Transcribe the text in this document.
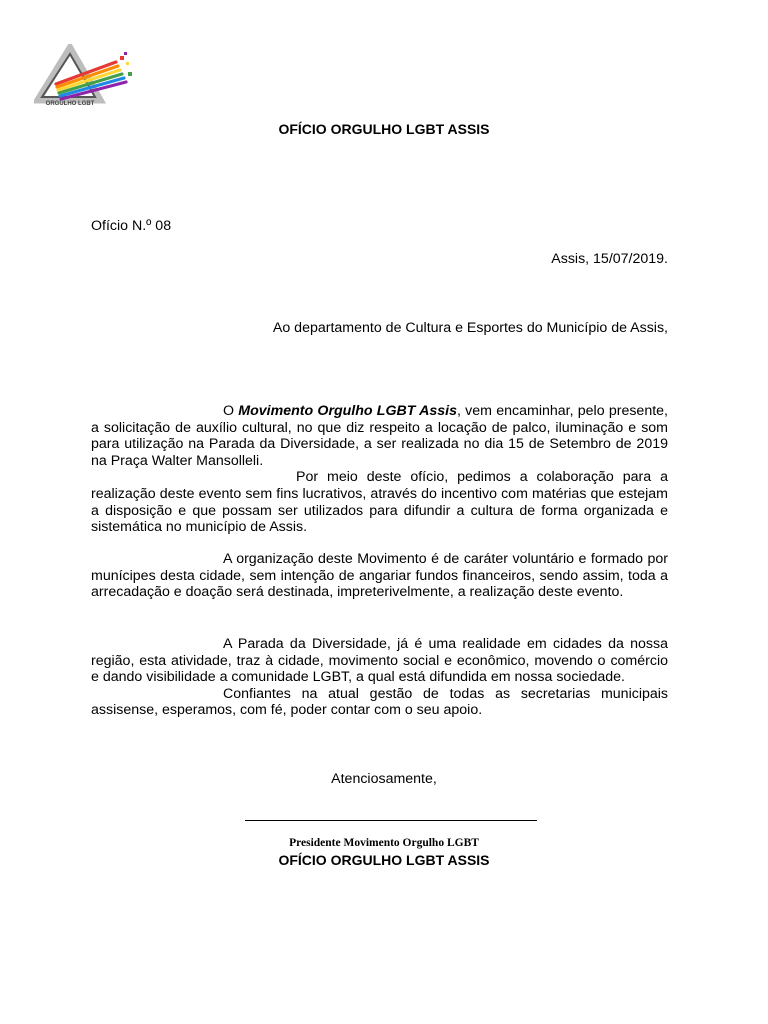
ORGULHO LGBT
OFÍCIO ORGULHO LGBT ASSIS
Ofício N.º 08
Assis, 15/07/2019.
Ao departamento de Cultura e Esportes do Município de Assis,

O Movimento Orgulho LGBT Assis, vem encaminhar, pelo presente, a solicitação de auxílio cultural, no que diz respeito a locação de palco, iluminação e som para utilização na Parada da Diversidade, a ser realizada no dia 15 de Setembro de 2019 na Praça Walter Mansolleli.

Por meio deste ofício, pedimos a colaboração para a realização deste evento sem fins lucrativos, através do incentivo com matérias que estejam a disposição e que possam ser utilizados para difundir a cultura de forma organizada e sistemática no município de Assis.

A organização deste Movimento é de caráter voluntário e formado por munícipes desta cidade, sem intenção de angariar fundos financeiros, sendo assim, toda a arrecadação e doação será destinada, impreterivelmente, a realização deste evento.

A Parada da Diversidade, já é uma realidade em cidades da nossa região, esta atividade, traz à cidade, movimento social e econômico, movendo o comércio e dando visibilidade a comunidade LGBT, a qual está difundida em nossa sociedade.

Confiantes na atual gestão de todas as secretarias municipais assisense, esperamos, com fé, poder contar com o seu apoio.

Atenciosamente,
Presidente Movimento Orgulho LGBT
OFÍCIO ORGULHO LGBT ASSIS
